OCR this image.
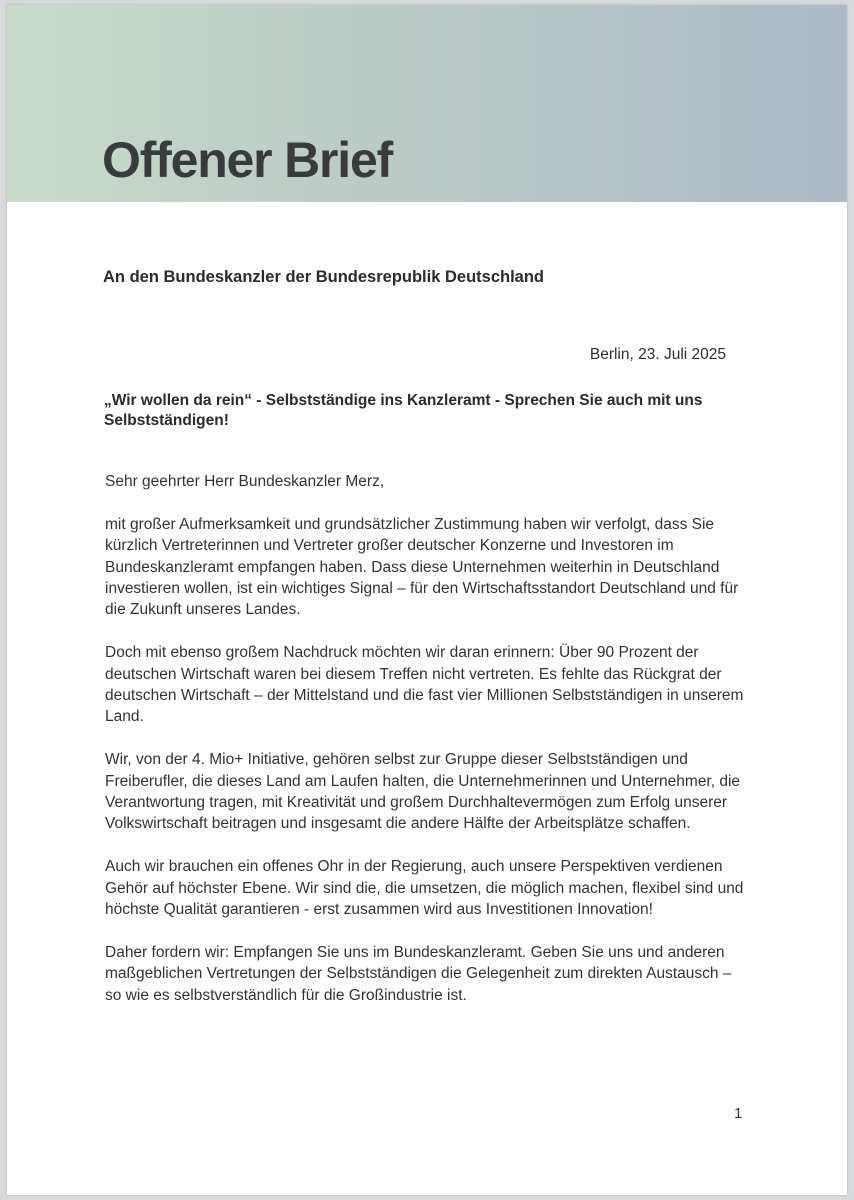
Offener Brief
An den Bundeskanzler der Bundesrepublik Deutschland
Berlin, 23. Juli 2025
„Wir wollen da rein“ - Selbstständige ins Kanzleramt - Sprechen Sie auch mit uns Selbstständigen!

Sehr geehrter Herr Bundeskanzler Merz,

mit großer Aufmerksamkeit und grundsätzlicher Zustimmung haben wir verfolgt, dass Sie kürzlich Vertreterinnen und Vertreter großer deutscher Konzerne und Investoren im Bundeskanzleramt empfangen haben. Dass diese Unternehmen weiterhin in Deutschland investieren wollen, ist ein wichtiges Signal – für den Wirtschaftsstandort Deutschland und für die Zukunft unseres Landes.

Doch mit ebenso großem Nachdruck möchten wir daran erinnern: Über 90 Prozent der deutschen Wirtschaft waren bei diesem Treffen nicht vertreten. Es fehlte das Rückgrat der deutschen Wirtschaft – der Mittelstand und die fast vier Millionen Selbstständigen in unserem Land.

Wir, von der 4. Mio+ Initiative, gehören selbst zur Gruppe dieser Selbstständigen und Freiberufler, die dieses Land am Laufen halten, die Unternehmerinnen und Unternehmer, die Verantwortung tragen, mit Kreativität und großem Durchhaltevermögen zum Erfolg unserer Volkswirtschaft beitragen und insgesamt die andere Hälfte der Arbeitsplätze schaffen.

Auch wir brauchen ein offenes Ohr in der Regierung, auch unsere Perspektiven verdienen Gehör auf höchster Ebene. Wir sind die, die umsetzen, die möglich machen, flexibel sind und höchste Qualität garantieren - erst zusammen wird aus Investitionen Innovation!

Daher fordern wir: Empfangen Sie uns im Bundeskanzleramt. Geben Sie uns und anderen maßgeblichen Vertretungen der Selbstständigen die Gelegenheit zum direkten Austausch – so wie es selbstverständlich für die Großindustrie ist.

1
